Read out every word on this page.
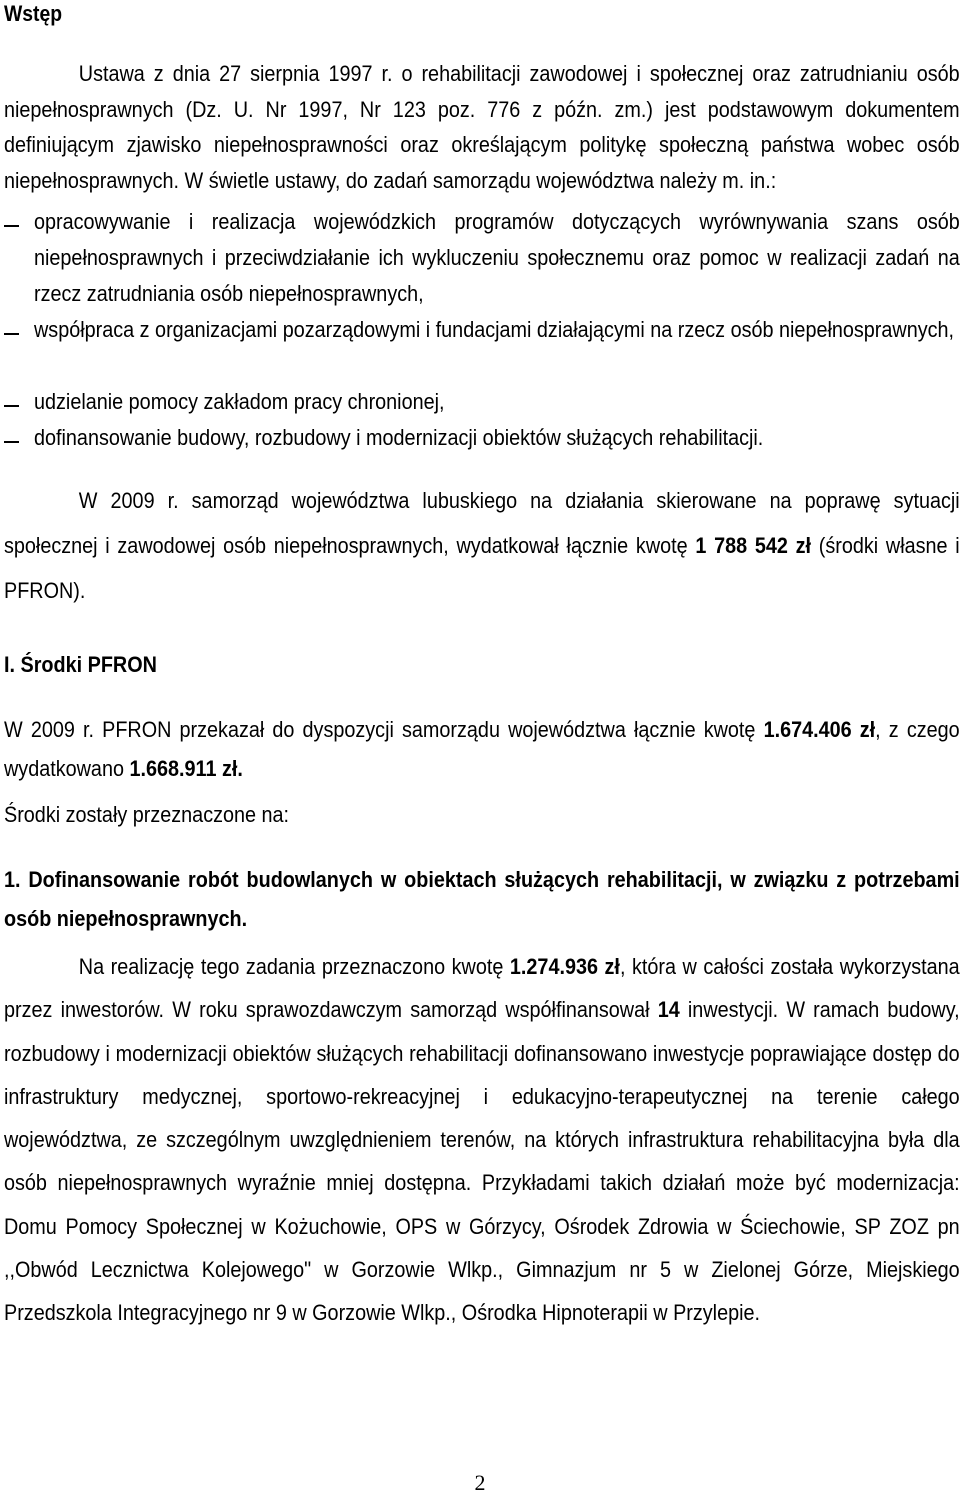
Wstęp
Ustawa z dnia 27 sierpnia 1997 r. o rehabilitacji zawodowej i społecznej oraz zatrudnianiu osób niepełnosprawnych (Dz. U. Nr 1997, Nr 123 poz. 776 z późn. zm.) jest podstawowym dokumentem definiującym zjawisko niepełnosprawności oraz określającym politykę społeczną państwa wobec osób niepełnosprawnych. W świetle ustawy, do zadań samorządu województwa należy m. in.:
opracowywanie i realizacja wojewódzkich programów dotyczących wyrównywania szans osób niepełnosprawnych i przeciwdziałanie ich wykluczeniu społecznemu oraz pomoc w realizacji zadań na rzecz zatrudniania osób niepełnosprawnych,
współpraca z organizacjami pozarządowymi i fundacjami działającymi na rzecz osób niepełnosprawnych,
udzielanie pomocy zakładom pracy chronionej,
dofinansowanie budowy, rozbudowy i modernizacji obiektów służących rehabilitacji.
W 2009 r. samorząd województwa lubuskiego na działania skierowane na poprawę sytuacji społecznej i zawodowej osób niepełnosprawnych, wydatkował łącznie kwotę 1 788 542 zł (środki własne i PFRON).
I. Środki PFRON
W 2009 r. PFRON przekazał do dyspozycji samorządu województwa łącznie kwotę 1.674.406 zł, z czego wydatkowano 1.668.911 zł.
Środki zostały przeznaczone na:
1. Dofinansowanie robót budowlanych w obiektach służących rehabilitacji, w związku z potrzebami osób niepełnosprawnych.
Na realizację tego zadania przeznaczono kwotę 1.274.936 zł, która w całości została wykorzystana przez inwestorów. W roku sprawozdawczym samorząd współfinansował 14 inwestycji. W ramach budowy, rozbudowy i modernizacji obiektów służących rehabilitacji dofinansowano inwestycje poprawiające dostęp do infrastruktury medycznej, sportowo-rekreacyjnej i edukacyjno-terapeutycznej na terenie całego województwa, ze szczególnym uwzględnieniem terenów, na których infrastruktura rehabilitacyjna była dla osób niepełnosprawnych wyraźnie mniej dostępna. Przykładami takich działań może być modernizacja: Domu Pomocy Społecznej w Kożuchowie, OPS w Górzycy, Ośrodek Zdrowia w Ściechowie, SP ZOZ pn ,,Obwód Lecznictwa Kolejowego" w Gorzowie Wlkp., Gimnazjum nr 5 w Zielonej Górze, Miejskiego Przedszkola Integracyjnego nr 9 w Gorzowie Wlkp., Ośrodka Hipnoterapii w Przylepie.
2
